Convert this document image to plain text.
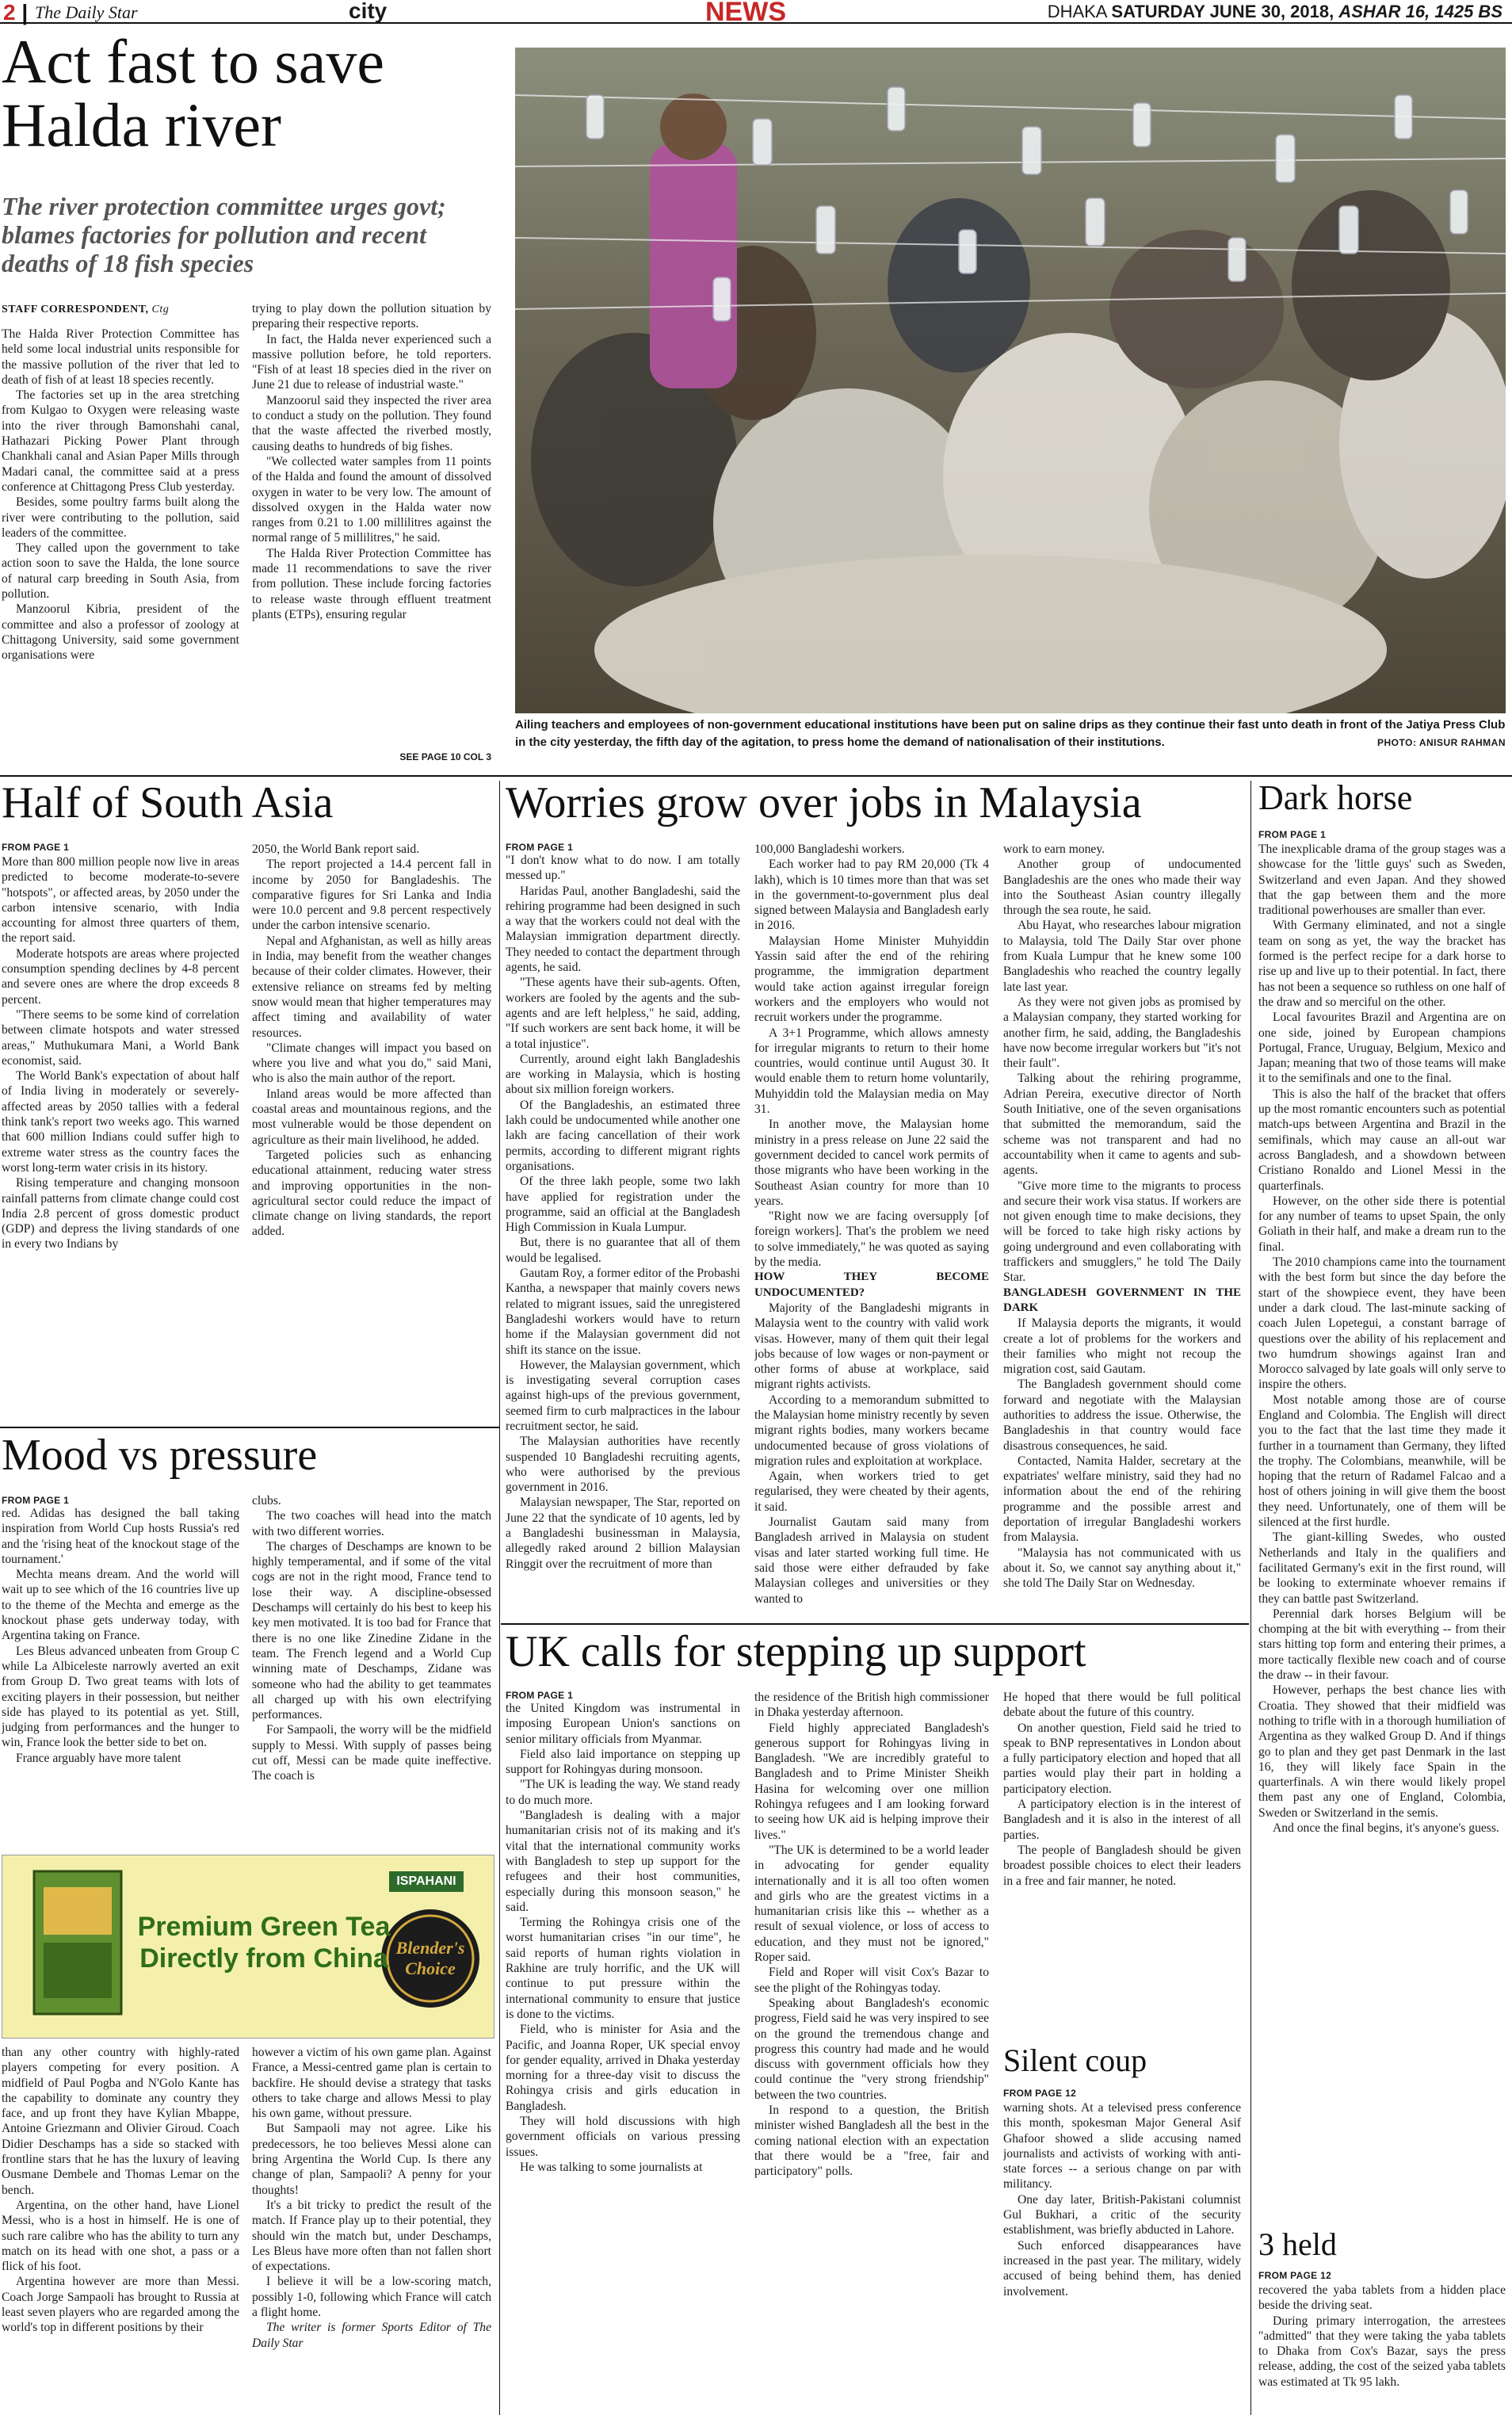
2 | The Daily Star	city	NEWS	DHAKA SATURDAY JUNE 30, 2018, ASHAR 16, 1425 BS
Act fast to save Halda river
The river protection committee urges govt; blames factories for pollution and recent deaths of 18 fish species
STAFF CORRESPONDENT, Ctg

The Halda River Protection Committee has held some local industrial units responsible for the massive pollution of the river that led to death of fish of at least 18 species recently.

The factories set up in the area stretching from Kulgao to Oxygen were releasing waste into the river through Bamonshahi canal, Hathazari Picking Power Plant through Chankhali canal and Asian Paper Mills through Madari canal, the committee said at a press conference at Chittagong Press Club yesterday.

Besides, some poultry farms built along the river were contributing to the pollution, said leaders of the committee.

They called upon the government to take action soon to save the Halda, the lone source of natural carp breeding in South Asia, from pollution.

Manzoorul Kibria, president of the committee and also a professor of zoology at Chittagong University, said some government organisations were

trying to play down the pollution situation by preparing their respective reports.

In fact, the Halda never experienced such a massive pollution before, he told reporters. "Fish of at least 18 species died in the river on June 21 due to release of industrial waste."

Manzoorul said they inspected the river area to conduct a study on the pollution. They found that the waste affected the riverbed mostly, causing deaths to hundreds of big fishes.

"We collected water samples from 11 points of the Halda and found the amount of dissolved oxygen in water to be very low. The amount of dissolved oxygen in the Halda water now ranges from 0.21 to 1.00 millilitres against the normal range of 5 millilitres," he said.

The Halda River Protection Committee has made 11 recommendations to save the river from pollution. These include forcing factories to release waste through effluent treatment plants (ETPs), ensuring regular

SEE PAGE 10 COL 3
Ailing teachers and employees of non-government educational institutions have been put on saline drips as they continue their fast unto death in front of the Jatiya Press Club in the city yesterday, the fifth day of the agitation, to press home the demand of nationalisation of their institutions.	PHOTO: ANISUR RAHMAN
Half of South Asia
FROM PAGE 1

More than 800 million people now live in areas predicted to become moderate-to-severe "hotspots", or affected areas, by 2050 under the carbon intensive scenario, with India accounting for almost three quarters of them, the report said.

Moderate hotspots are areas where projected consumption spending declines by 4-8 percent and severe ones are where the drop exceeds 8 percent.

"There seems to be some kind of correlation between climate hotspots and water stressed areas," Muthukumara Mani, a World Bank economist, said.

The World Bank's expectation of about half of India living in moderately or severely-affected areas by 2050 tallies with a federal think tank's report two weeks ago. This warned that 600 million Indians could suffer high to extreme water stress as the country faces the worst long-term water crisis in its history.

Rising temperature and changing monsoon rainfall patterns from climate change could cost India 2.8 percent of gross domestic product (GDP) and depress the living standards of one in every two Indians by

2050, the World Bank report said.

The report projected a 14.4 percent fall in income by 2050 for Bangladeshis. The comparative figures for Sri Lanka and India were 10.0 percent and 9.8 percent respectively under the carbon intensive scenario.

Nepal and Afghanistan, as well as hilly areas in India, may benefit from the weather changes because of their colder climates. However, their extensive reliance on streams fed by melting snow would mean that higher temperatures may affect timing and availability of water resources.

"Climate changes will impact you based on where you live and what you do," said Mani, who is also the main author of the report.

Inland areas would be more affected than coastal areas and mountainous regions, and the most vulnerable would be those dependent on agriculture as their main livelihood, he added.

Targeted policies such as enhancing educational attainment, reducing water stress and improving opportunities in the non-agricultural sector could reduce the impact of climate change on living standards, the report added.

Mood vs pressure
FROM PAGE 1

red. Adidas has designed the ball taking inspiration from World Cup hosts Russia's red and the 'rising heat of the knockout stage of the tournament.'

Mechta means dream. And the world will wait up to see which of the 16 countries live up to the theme of the Mechta and emerge as the knockout phase gets underway today, with Argentina taking on France.

Les Bleus advanced unbeaten from Group C while La Albiceleste narrowly averted an exit from Group D. Two great teams with lots of exciting players in their possession, but neither side has played to its potential as yet. Still, judging from performances and the hunger to win, France look the better side to bet on.

France arguably have more talent

clubs.

The two coaches will head into the match with two different worries.

The charges of Deschamps are known to be highly temperamental, and if some of the vital cogs are not in the right mood, France tend to lose their way. A discipline-obsessed Deschamps will certainly do his best to keep his key men motivated. It is too bad for France that there is no one like Zinedine Zidane in the team. The French legend and a World Cup winning mate of Deschamps, Zidane was someone who had the ability to get teammates all charged up with his own electrifying performances.

For Sampaoli, the worry will be the midfield supply to Messi. With supply of passes being cut off, Messi can be made quite ineffective. The coach is

Premium Green Tea
Directly from China
ISPAHANI
Blender's
Choice

than any other country with highly-rated players competing for every position. A midfield of Paul Pogba and N'Golo Kante has the capability to dominate any country they face, and up front they have Kylian Mbappe, Antoine Griezmann and Olivier Giroud. Coach Didier Deschamps has a side so stacked with frontline stars that he has the luxury of leaving Ousmane Dembele and Thomas Lemar on the bench.

Argentina, on the other hand, have Lionel Messi, who is a host in himself. He is one of such rare calibre who has the ability to turn any match on its head with one shot, a pass or a flick of his foot.

Argentina however are more than Messi. Coach Jorge Sampaoli has brought to Russia at least seven players who are regarded among the world's top in different positions by their

however a victim of his own game plan. Against France, a Messi-centred game plan is certain to backfire. He should devise a strategy that tasks others to take charge and allows Messi to play his own game, without pressure.

But Sampaoli may not agree. Like his predecessors, he too believes Messi alone can bring Argentina the World Cup. Is there any change of plan, Sampaoli? A penny for your thoughts!

It's a bit tricky to predict the result of the match. If France play up to their potential, they should win the match but, under Deschamps, Les Bleus have more often than not fallen short of expectations.

I believe it will be a low-scoring match, possibly 1-0, following which France will catch a flight home.

The writer is former Sports Editor of The Daily Star

Worries grow over jobs in Malaysia
FROM PAGE 1

"I don't know what to do now. I am totally messed up."

Haridas Paul, another Bangladeshi, said the rehiring programme had been designed in such a way that the workers could not deal with the Malaysian immigration department directly. They needed to contact the department through agents, he said.

"These agents have their sub-agents. Often, workers are fooled by the agents and the sub-agents and are left helpless," he said, adding, "If such workers are sent back home, it will be a total injustice".

Currently, around eight lakh Bangladeshis are working in Malaysia, which is hosting about six million foreign workers.

Of the Bangladeshis, an estimated three lakh could be undocumented while another one lakh are facing cancellation of their work permits, according to different migrant rights organisations.

Of the three lakh people, some two lakh have applied for registration under the programme, said an official at the Bangladesh High Commission in Kuala Lumpur.

But, there is no guarantee that all of them would be legalised.

Gautam Roy, a former editor of the Probashi Kantha, a newspaper that mainly covers news related to migrant issues, said the unregistered Bangladeshi workers would have to return home if the Malaysian government did not shift its stance on the issue.

However, the Malaysian government, which is investigating several corruption cases against high-ups of the previous government, seemed firm to curb malpractices in the labour recruitment sector, he said.

The Malaysian authorities have recently suspended 10 Bangladeshi recruiting agents, who were authorised by the previous government in 2016.

Malaysian newspaper, The Star, reported on June 22 that the syndicate of 10 agents, led by a Bangladeshi businessman in Malaysia, allegedly raked around 2 billion Malaysian Ringgit over the recruitment of more than

100,000 Bangladeshi workers.

Each worker had to pay RM 20,000 (Tk 4 lakh), which is 10 times more than that was set in the government-to-government plus deal signed between Malaysia and Bangladesh early in 2016.

Malaysian Home Minister Muhyiddin Yassin said after the end of the rehiring programme, the immigration department would take action against irregular foreign workers and the employers who would not recruit workers under the programme.

A 3+1 Programme, which allows amnesty for irregular migrants to return to their home countries, would continue until August 30. It would enable them to return home voluntarily, Muhyiddin told the Malaysian media on May 31.

In another move, the Malaysian home ministry in a press release on June 22 said the government decided to cancel work permits of those migrants who have been working in the Southeast Asian country for more than 10 years.

"Right now we are facing oversupply [of foreign workers]. That's the problem we need to solve immediately," he was quoted as saying by the media.

HOW THEY BECOME UNDOCUMENTED?

Majority of the Bangladeshi migrants in Malaysia went to the country with valid work visas. However, many of them quit their legal jobs because of low wages or non-payment or other forms of abuse at workplace, said migrant rights activists.

According to a memorandum submitted to the Malaysian home ministry recently by seven migrant rights bodies, many workers became undocumented because of gross violations of migration rules and exploitation at workplace.

Again, when workers tried to get regularised, they were cheated by their agents, it said.

Journalist Gautam said many from Bangladesh arrived in Malaysia on student visas and later started working full time. He said those were either defrauded by fake Malaysian colleges and universities or they wanted to

work to earn money.

Another group of undocumented Bangladeshis are the ones who made their way into the Southeast Asian country illegally through the sea route, he said.

Abu Hayat, who researches labour migration to Malaysia, told The Daily Star over phone from Kuala Lumpur that he knew some 100 Bangladeshis who reached the country legally late last year.

As they were not given jobs as promised by a Malaysian company, they started working for another firm, he said, adding, the Bangladeshis have now become irregular workers but "it's not their fault".

Talking about the rehiring programme, Adrian Pereira, executive director of North South Initiative, one of the seven organisations that submitted the memorandum, said the scheme was not transparent and had no accountability when it came to agents and sub-agents.

"Give more time to the migrants to process and secure their work visa status. If workers are not given enough time to make decisions, they will be forced to take high risky actions by going underground and even collaborating with traffickers and smugglers," he told The Daily Star.

BANGLADESH GOVERNMENT IN THE DARK

If Malaysia deports the migrants, it would create a lot of problems for the workers and their families who might not recoup the migration cost, said Gautam.

The Bangladesh government should come forward and negotiate with the Malaysian authorities to address the issue. Otherwise, the Bangladeshis in that country would face disastrous consequences, he said.

Contacted, Namita Halder, secretary at the expatriates' welfare ministry, said they had no information about the end of the rehiring programme and the possible arrest and deportation of irregular Bangladeshi workers from Malaysia.

"Malaysia has not communicated with us about it. So, we cannot say anything about it," she told The Daily Star on Wednesday.

UK calls for stepping up support
FROM PAGE 1

the United Kingdom was instrumental in imposing European Union's sanctions on senior military officials from Myanmar.

Field also laid importance on stepping up support for Rohingyas during monsoon.

"The UK is leading the way. We stand ready to do much more.

"Bangladesh is dealing with a major humanitarian crisis not of its making and it's vital that the international community works with Bangladesh to step up support for the refugees and their host communities, especially during this monsoon season," he said.

Terming the Rohingya crisis one of the worst humanitarian crises "in our time", he said reports of human rights violation in Rakhine are truly horrific, and the UK will continue to put pressure within the international community to ensure that justice is done to the victims.

Field, who is minister for Asia and the Pacific, and Joanna Roper, UK special envoy for gender equality, arrived in Dhaka yesterday morning for a three-day visit to discuss the Rohingya crisis and girls education in Bangladesh.

They will hold discussions with high government officials on various pressing issues.

He was talking to some journalists at

the residence of the British high commissioner in Dhaka yesterday afternoon.

Field highly appreciated Bangladesh's generous support for Rohingyas living in Bangladesh. "We are incredibly grateful to Bangladesh and to Prime Minister Sheikh Hasina for welcoming over one million Rohingya refugees and I am looking forward to seeing how UK aid is helping improve their lives."

"The UK is determined to be a world leader in advocating for gender equality internationally and it is all too often women and girls who are the greatest victims in a humanitarian crisis like this -- whether as a result of sexual violence, or loss of access to education, and they must not be ignored," Roper said.

Field and Roper will visit Cox's Bazar to see the plight of the Rohingyas today.

Speaking about Bangladesh's economic progress, Field said he was very inspired to see on the ground the tremendous change and progress this country had made and he would discuss with government officials how they could continue the "very strong friendship" between the two countries.

In respond to a question, the British minister wished Bangladesh all the best in the coming national election with an expectation that there would be a "free, fair and participatory" polls.

He hoped that there would be full political debate about the future of this country.

On another question, Field said he tried to speak to BNP representatives in London about a fully participatory election and hoped that all parties would play their part in holding a participatory election.

A participatory election is in the interest of Bangladesh and it is also in the interest of all parties.

The people of Bangladesh should be given broadest possible choices to elect their leaders in a free and fair manner, he noted.

Silent coup
FROM PAGE 12

warning shots. At a televised press conference this month, spokesman Major General Asif Ghafoor showed a slide accusing named journalists and activists of working with anti-state forces -- a serious change on par with militancy.

One day later, British-Pakistani columnist Gul Bukhari, a critic of the security establishment, was briefly abducted in Lahore.

Such enforced disappearances have increased in the past year. The military, widely accused of being behind them, has denied involvement.

Dark horse
FROM PAGE 1

The inexplicable drama of the group stages was a showcase for the 'little guys' such as Sweden, Switzerland and even Japan. And they showed that the gap between them and the more traditional powerhouses are smaller than ever.

With Germany eliminated, and not a single team on song as yet, the way the bracket has formed is the perfect recipe for a dark horse to rise up and live up to their potential. In fact, there has not been a sequence so ruthless on one half of the draw and so merciful on the other.

Local favourites Brazil and Argentina are on one side, joined by European champions Portugal, France, Uruguay, Belgium, Mexico and Japan; meaning that two of those teams will make it to the semifinals and one to the final.

This is also the half of the bracket that offers up the most romantic encounters such as potential match-ups between Argentina and Brazil in the semifinals, which may cause an all-out war across Bangladesh, and a showdown between Cristiano Ronaldo and Lionel Messi in the quarterfinals.

However, on the other side there is potential for any number of teams to upset Spain, the only Goliath in their half, and make a dream run to the final.

The 2010 champions came into the tournament with the best form but since the day before the start of the showpiece event, they have been under a dark cloud. The last-minute sacking of coach Julen Lopetegui, a constant barrage of questions over the ability of his replacement and two humdrum showings against Iran and Morocco salvaged by late goals will only serve to inspire the others.

Most notable among those are of course England and Colombia. The English will direct you to the fact that the last time they made it further in a tournament than Germany, they lifted the trophy. The Colombians, meanwhile, will be hoping that the return of Radamel Falcao and a host of others joining in will give them the boost they need. Unfortunately, one of them will be silenced at the first hurdle.

The giant-killing Swedes, who ousted Netherlands and Italy in the qualifiers and facilitated Germany's exit in the first round, will be looking to exterminate whoever remains if they can battle past Switzerland.

Perennial dark horses Belgium will be chomping at the bit with everything -- from their stars hitting top form and entering their primes, a more tactically flexible new coach and of course the draw -- in their favour.

However, perhaps the best chance lies with Croatia. They showed that their midfield was nothing to trifle with in a thorough humiliation of Argentina as they walked Group D. And if things go to plan and they get past Denmark in the last 16, they will likely face Spain in the quarterfinals. A win there would likely propel them past any one of England, Colombia, Sweden or Switzerland in the semis.

And once the final begins, it's anyone's guess.

3 held
FROM PAGE 12

recovered the yaba tablets from a hidden place beside the driving seat.

During primary interrogation, the arrestees "admitted" that they were taking the yaba tablets to Dhaka from Cox's Bazar, says the press release, adding, the cost of the seized yaba tablets was estimated at Tk 95 lakh.
